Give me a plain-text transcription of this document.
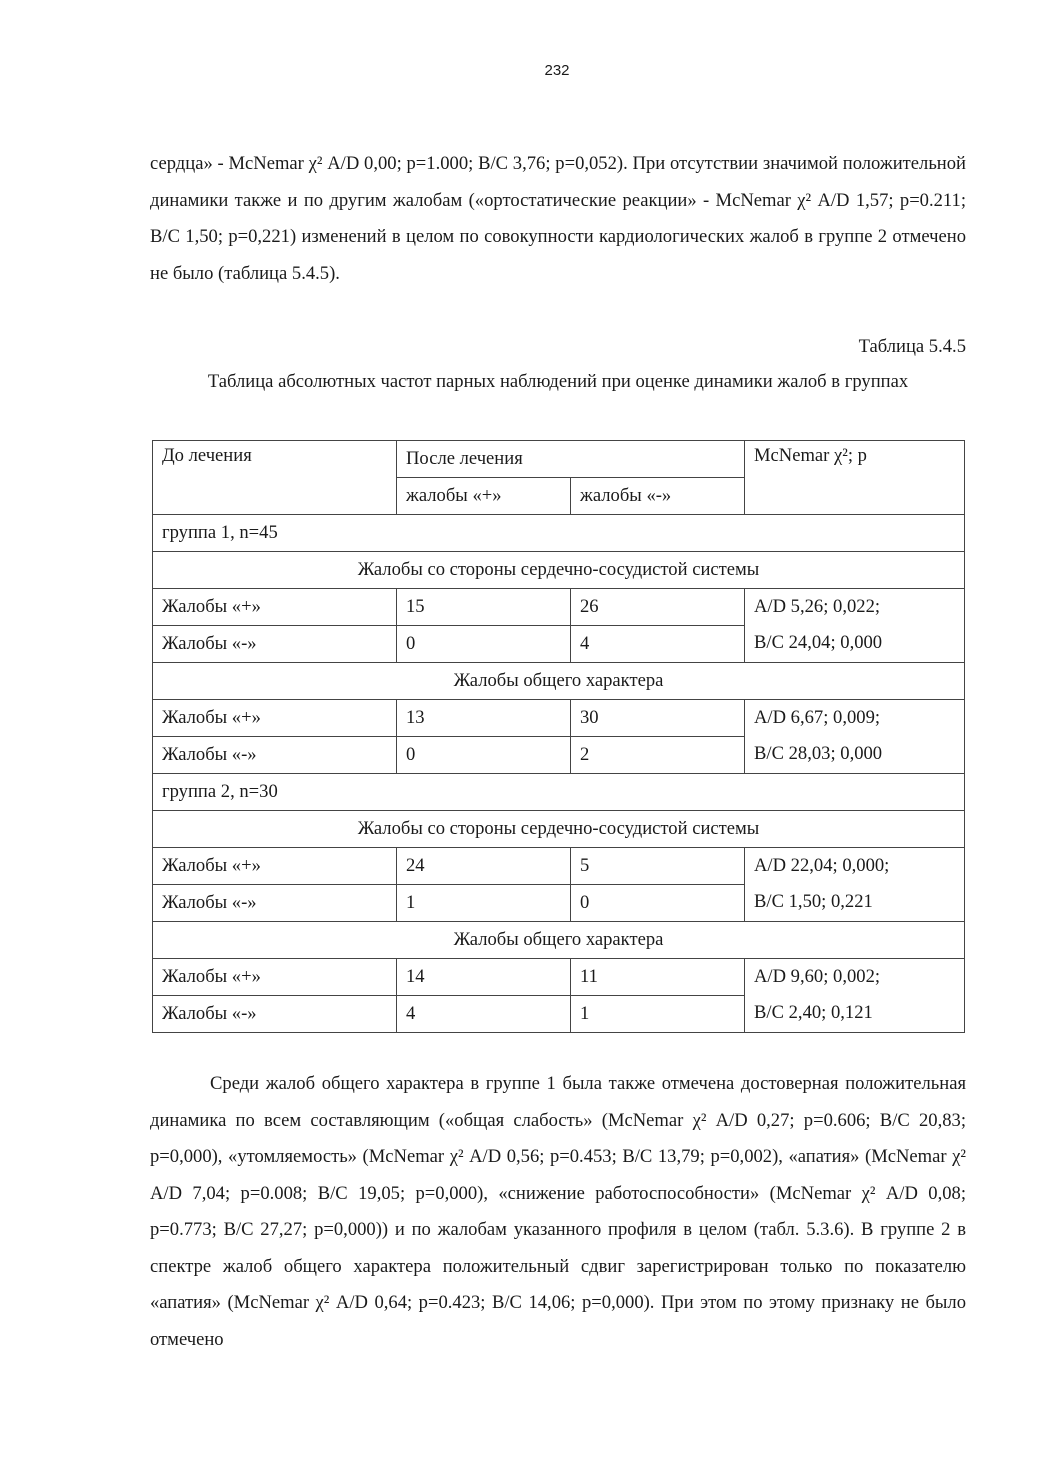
232

сердца» - McNemar χ² A/D 0,00; p=1.000; B/C 3,76; p=0,052). При отсутствии значимой положительной динамики также и по другим жалобам («ортостатические реакции» - McNemar χ² A/D 1,57; p=0.211; B/C 1,50; p=0,221) изменений в целом по совокупности кардиологических жалоб в группе 2 отмечено не было (таблица 5.4.5).

Таблица 5.4.5
Таблица абсолютных частот парных наблюдений при оценке динамики жалоб в группах
До лечения	После лечения		McNemar χ²; p
	жалобы «+»	жалобы «-»	
группа 1, n=45			
Жалобы со стороны сердечно-сосудистой системы			
Жалобы «+»	15	26	A/D 5,26; 0,022;
B/C 24,04; 0,000
Жалобы «-»	0	4	
Жалобы общего характера			
Жалобы «+»	13	30	A/D 6,67; 0,009;
B/C 28,03; 0,000
Жалобы «-»	0	2	
группа 2, n=30			
Жалобы со стороны сердечно-сосудистой системы			
Жалобы «+»	24	5	A/D 22,04; 0,000;
B/C 1,50; 0,221
Жалобы «-»	1	0	
Жалобы общего характера			
Жалобы «+»	14	11	A/D 9,60; 0,002;
B/C 2,40; 0,121
Жалобы «-»	4	1	

Среди жалоб общего характера в группе 1 была также отмечена достоверная положительная динамика по всем составляющим («общая слабость» (McNemar χ² A/D 0,27; p=0.606; B/C 20,83; p=0,000), «утомляемость» (McNemar χ² A/D 0,56; p=0.453; B/C 13,79; p=0,002), «апатия» (McNemar χ² A/D 7,04; p=0.008; B/C 19,05; p=0,000), «снижение работоспособности» (McNemar χ² A/D 0,08; p=0.773; B/C 27,27; p=0,000)) и по жалобам указанного профиля в целом (табл. 5.3.6). В группе 2 в спектре жалоб общего характера положительный сдвиг зарегистрирован только по показателю «апатия» (McNemar χ² A/D 0,64; p=0.423; B/C 14,06; p=0,000). При этом по этому признаку не было отмечено
